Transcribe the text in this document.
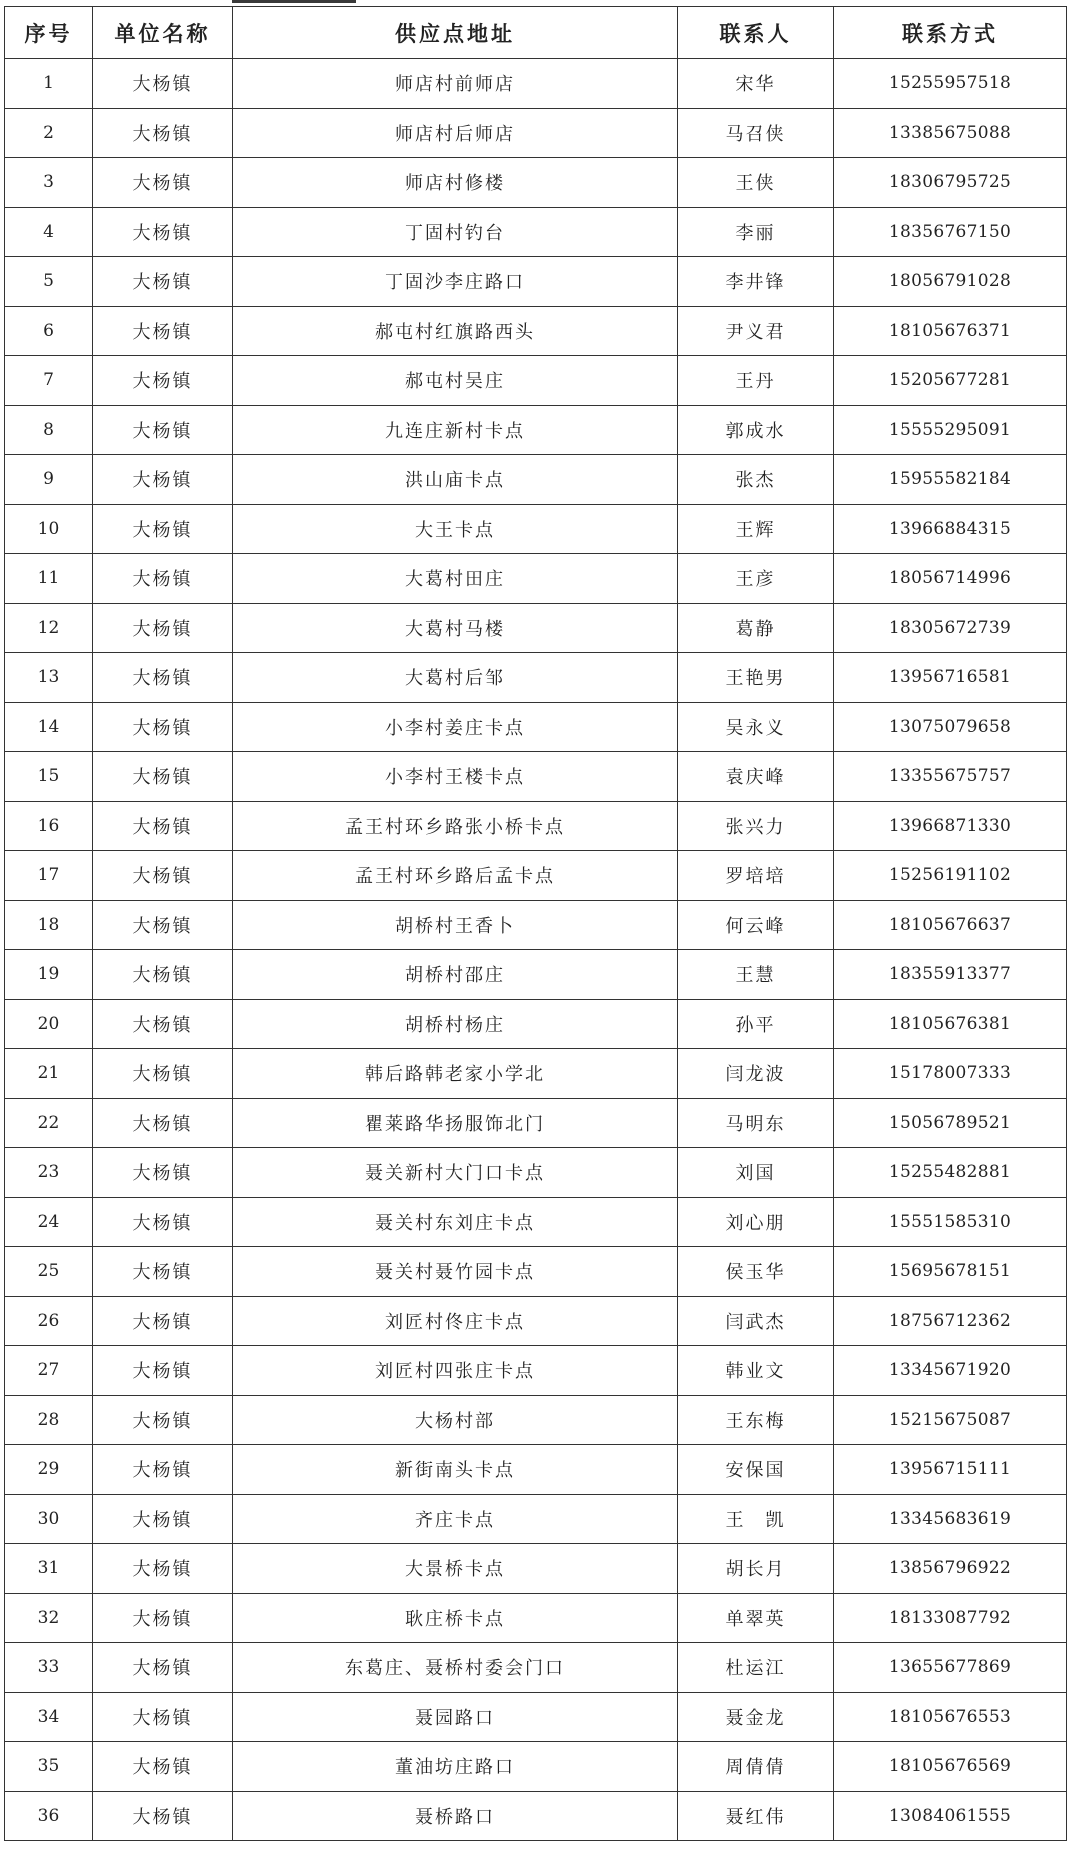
序号	单位名称	供应点地址	联系人	联系方式
1	大杨镇	师店村前师店	宋华	15255957518
2	大杨镇	师店村后师店	马召侠	13385675088
3	大杨镇	师店村修楼	王侠	18306795725
4	大杨镇	丁固村钓台	李丽	18356767150
5	大杨镇	丁固沙李庄路口	李井锋	18056791028
6	大杨镇	郝屯村红旗路西头	尹义君	18105676371
7	大杨镇	郝屯村吴庄	王丹	15205677281
8	大杨镇	九连庄新村卡点	郭成水	15555295091
9	大杨镇	洪山庙卡点	张杰	15955582184
10	大杨镇	大王卡点	王辉	13966884315
11	大杨镇	大葛村田庄	王彦	18056714996
12	大杨镇	大葛村马楼	葛静	18305672739
13	大杨镇	大葛村后邹	王艳男	13956716581
14	大杨镇	小李村姜庄卡点	吴永义	13075079658
15	大杨镇	小李村王楼卡点	袁庆峰	13355675757
16	大杨镇	孟王村环乡路张小桥卡点	张兴力	13966871330
17	大杨镇	孟王村环乡路后孟卡点	罗培培	15256191102
18	大杨镇	胡桥村王香卜	何云峰	18105676637
19	大杨镇	胡桥村邵庄	王慧	18355913377
20	大杨镇	胡桥村杨庄	孙平	18105676381
21	大杨镇	韩后路韩老家小学北	闫龙波	15178007333
22	大杨镇	瞿莱路华扬服饰北门	马明东	15056789521
23	大杨镇	聂关新村大门口卡点	刘国	15255482881
24	大杨镇	聂关村东刘庄卡点	刘心朋	15551585310
25	大杨镇	聂关村聂竹园卡点	侯玉华	15695678151
26	大杨镇	刘匠村佟庄卡点	闫武杰	18756712362
27	大杨镇	刘匠村四张庄卡点	韩业文	13345671920
28	大杨镇	大杨村部	王东梅	15215675087
29	大杨镇	新街南头卡点	安保国	13956715111
30	大杨镇	齐庄卡点	王　凯	13345683619
31	大杨镇	大景桥卡点	胡长月	13856796922
32	大杨镇	耿庄桥卡点	单翠英	18133087792
33	大杨镇	东葛庄、聂桥村委会门口	杜运江	13655677869
34	大杨镇	聂园路口	聂金龙	18105676553
35	大杨镇	董油坊庄路口	周倩倩	18105676569
36	大杨镇	聂桥路口	聂红伟	13084061555
